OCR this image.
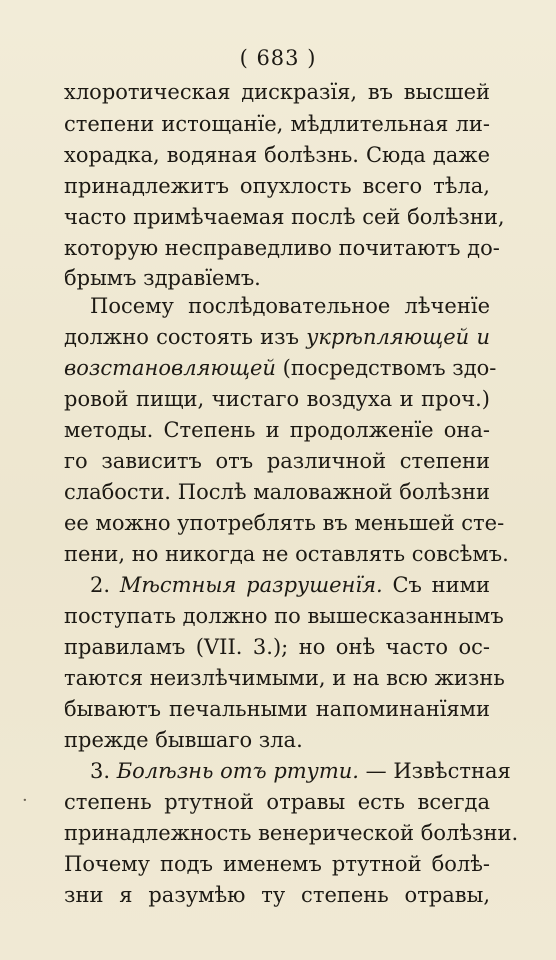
( 683 )
хлоротическая дискразїя, въ высшей
степени истощанїе, мѣдлительная ли-
хорадка, водяная болѣзнь. Сюда даже
принадлежитъ опухлость всего тѣла,
часто примѣчаемая послѣ сей болѣзни,
которую несправедливо почитаютъ до-
брымъ здравїемъ.
Посему послѣдовательное лѣченїе
должно состоять изъ укрѣпляющей и
возстановляющей (посредствомъ здо-
ровой пищи, чистаго воздуха и проч.)
методы. Степень и продолженїе она-
го зависитъ отъ различной степени
слабости. Послѣ маловажной болѣзни
ее можно употреблять въ меньшей сте-
пени, но никогда не оставлять совсѣмъ.
2. Мѣстныя разрушенїя. Съ ними
поступать должно по вышесказаннымъ
правиламъ (VII. 3.); но онѣ часто ос-
таются неизлѣчимыми, и на всю жизнь
бываютъ печальными напоминанїями
прежде бывшаго зла.
3. Болѣзнь отъ ртути. — Извѣстная
степень ртутной отравы есть всегда
принадлежность венерической болѣзни.
Почему подъ именемъ ртутной болѣ-
зни я разумѣю ту степень отравы,
·
